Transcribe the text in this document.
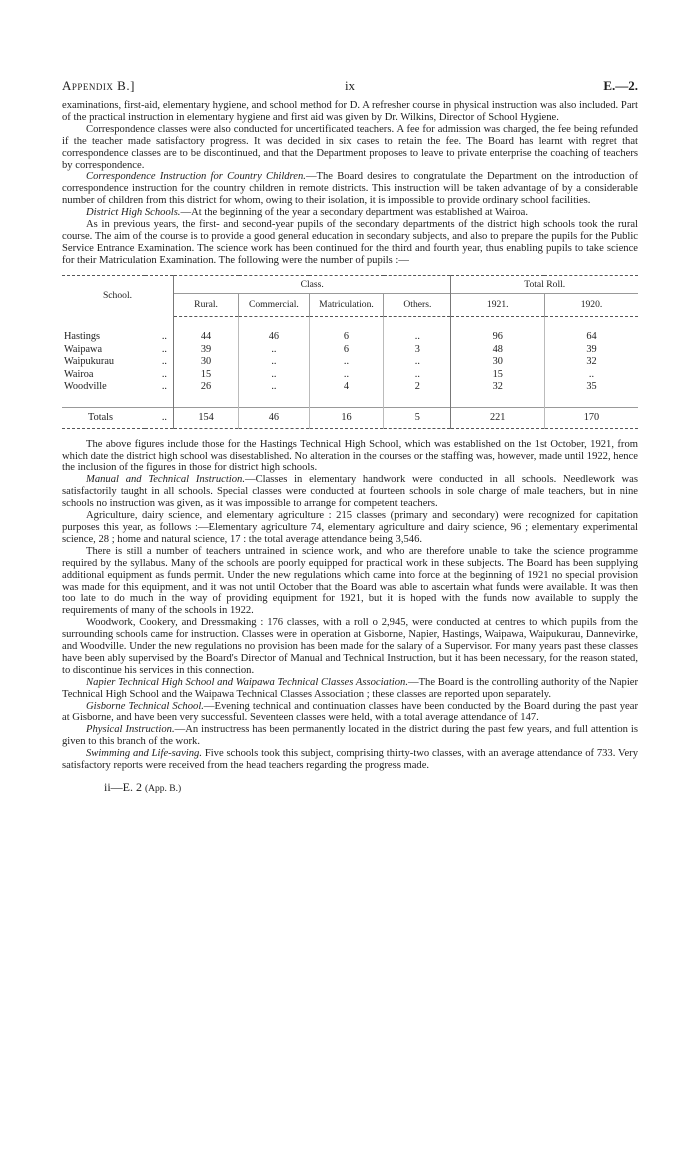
Appendix B.]	ix	E.—2.

examinations, first-aid, elementary hygiene, and school method for D. A refresher course in physical instruction was also included. Part of the practical instruction in elementary hygiene and first aid was given by Dr. Wilkins, Director of School Hygiene.

Correspondence classes were also conducted for uncertificated teachers. A fee for admission was charged, the fee being refunded if the teacher made satisfactory progress. It was decided in six cases to retain the fee. The Board has learnt with regret that correspondence classes are to be discontinued, and that the Department proposes to leave to private enterprise the coaching of teachers by correspondence.

Correspondence Instruction for Country Children.—The Board desires to congratulate the Department on the introduction of correspondence instruction for the country children in remote districts. This instruction will be taken advantage of by a considerable number of children from this district for whom, owing to their isolation, it is impossible to provide ordinary school facilities.

District High Schools.—At the beginning of the year a secondary department was established at Wairoa.

As in previous years, the first- and second-year pupils of the secondary departments of the district high schools took the rural course. The aim of the course is to provide a good general education in secondary subjects, and also to prepare the pupils for the Public Service Entrance Examination. The science work has been continued for the third and fourth year, thus enabling pupils to take science for their Matriculation Examination. The following were the number of pupils :—

School.		Class.				Total Roll.	
		Rural.	Commercial.	Matriculation.	Others.	1921.	1920.

Hastings	..	44	46	6	..	96	64
Waipawa	..	39	..	6	3	48	39
Waipukurau	..	30	..	..	..	30	32
Wairoa	..	15	..	..	..	15	..
Woodville	..	26	..	4	2	32	35

Totals	..	154	46	16	5	221	170

The above figures include those for the Hastings Technical High School, which was established on the 1st October, 1921, from which date the district high school was disestablished. No alteration in the courses or the staffing was, however, made until 1922, hence the inclusion of the figures in those for district high schools.

Manual and Technical Instruction.—Classes in elementary handwork were conducted in all schools. Needlework was satisfactorily taught in all schools. Special classes were conducted at fourteen schools in sole charge of male teachers, but in nine schools no instruction was given, as it was impossible to arrange for competent teachers.

Agriculture, dairy science, and elementary agriculture : 215 classes (primary and secondary) were recognized for capitation purposes this year, as follows :—Elementary agriculture 74, elementary agriculture and dairy science, 96 ; elementary experimental science, 28 ; home and natural science, 17 : the total average attendance being 3,546.

There is still a number of teachers untrained in science work, and who are therefore unable to take the science programme required by the syllabus. Many of the schools are poorly equipped for practical work in these subjects. The Board has been supplying additional equipment as funds permit. Under the new regulations which came into force at the beginning of 1921 no special provision was made for this equipment, and it was not until October that the Board was able to ascertain what funds were available. It was then too late to do much in the way of providing equipment for 1921, but it is hoped with the funds now available to supply the requirements of many of the schools in 1922.

Woodwork, Cookery, and Dressmaking : 176 classes, with a roll o 2,945, were conducted at centres to which pupils from the surrounding schools came for instruction. Classes were in operation at Gisborne, Napier, Hastings, Waipawa, Waipukurau, Dannevirke, and Woodville. Under the new regulations no provision has been made for the salary of a Supervisor. For many years past these classes have been ably supervised by the Board's Director of Manual and Technical Instruction, but it has been necessary, for the reason stated, to discontinue his services in this connection.

Napier Technical High School and Waipawa Technical Classes Association.—The Board is the controlling authority of the Napier Technical High School and the Waipawa Technical Classes Association ; these classes are reported upon separately.

Gisborne Technical School.—Evening technical and continuation classes have been conducted by the Board during the past year at Gisborne, and have been very successful. Seventeen classes were held, with a total average attendance of 147.

Physical Instruction.—An instructress has been permanently located in the district during the past few years, and full attention is given to this branch of the work.

Swimming and Life-saving. Five schools took this subject, comprising thirty-two classes, with an average attendance of 733. Very satisfactory reports were received from the head teachers regarding the progress made.

ii—E. 2 (App. B.)
